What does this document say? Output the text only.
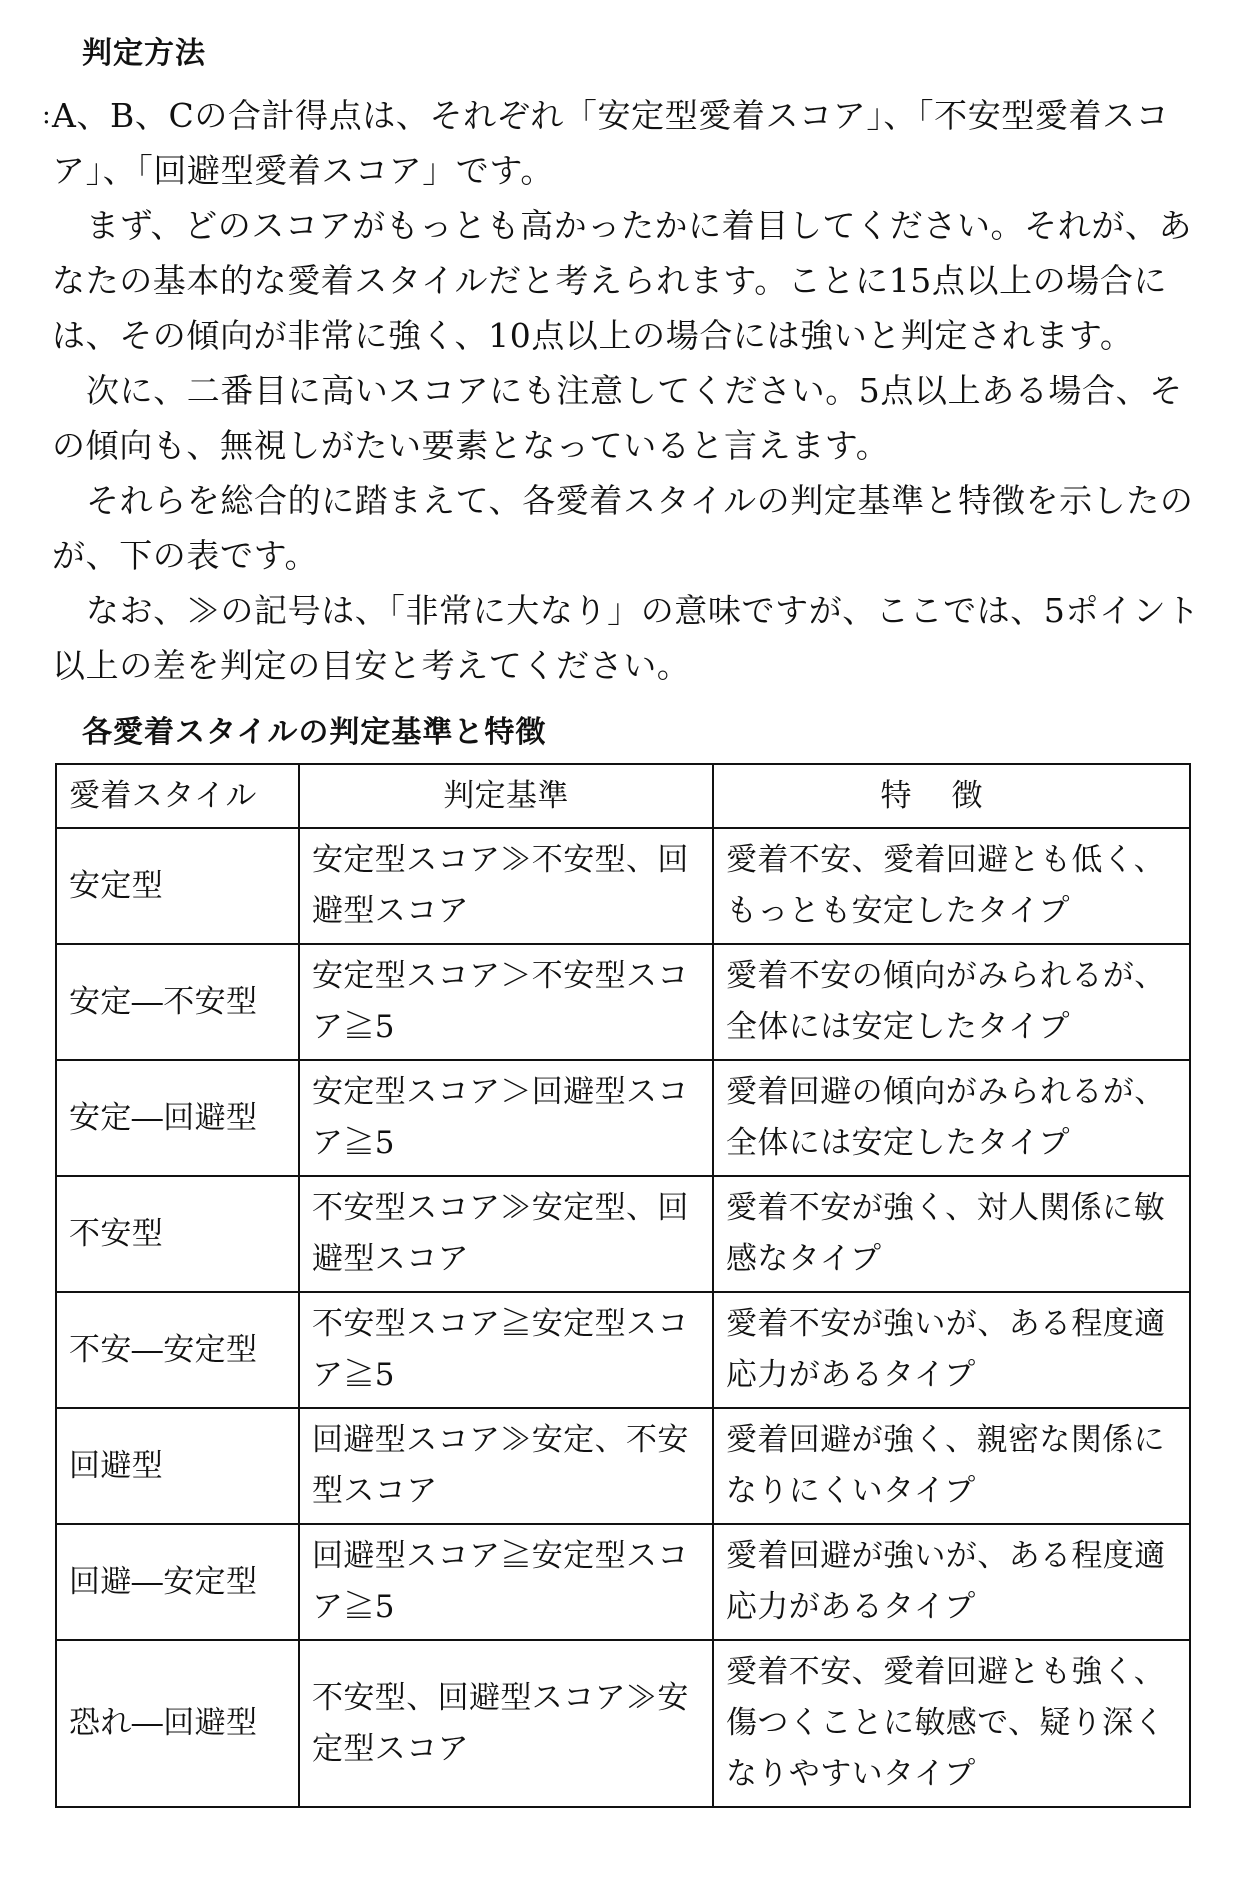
判定方法
: A、B、Cの合計得点は、それぞれ「安定型愛着スコア」、「不安型愛着スコア」、「回避型愛着スコア」です。

まず、どのスコアがもっとも高かったかに着目してください。それが、あなたの基本的な愛着スタイルだと考えられます。ことに15点以上の場合には、その傾向が非常に強く、10点以上の場合には強いと判定されます。

次に、二番目に高いスコアにも注意してください。5点以上ある場合、その傾向も、無視しがたい要素となっていると言えます。

それらを総合的に踏まえて、各愛着スタイルの判定基準と特徴を示したのが、下の表です。

なお、≫の記号は、「非常に大なり」の意味ですが、ここでは、5ポイント以上の差を判定の目安と考えてください。

各愛着スタイルの判定基準と特徴
愛着スタイル	判定基準	特徴
安定型	安定型スコア≫不安型、回避型スコア	愛着不安、愛着回避とも低く、もっとも安定したタイプ
安定―不安型	安定型スコア＞不安型スコア≧5	愛着不安の傾向がみられるが、全体には安定したタイプ
安定―回避型	安定型スコア＞回避型スコア≧5	愛着回避の傾向がみられるが、全体には安定したタイプ
不安型	不安型スコア≫安定型、回避型スコア	愛着不安が強く、対人関係に敏感なタイプ
不安―安定型	不安型スコア≧安定型スコア≧5	愛着不安が強いが、ある程度適応力があるタイプ
回避型	回避型スコア≫安定、不安型スコア	愛着回避が強く、親密な関係になりにくいタイプ
回避―安定型	回避型スコア≧安定型スコア≧5	愛着回避が強いが、ある程度適応力があるタイプ
恐れ―回避型	不安型、回避型スコア≫安定型スコア	愛着不安、愛着回避とも強く、傷つくことに敏感で、疑り深くなりやすいタイプ
